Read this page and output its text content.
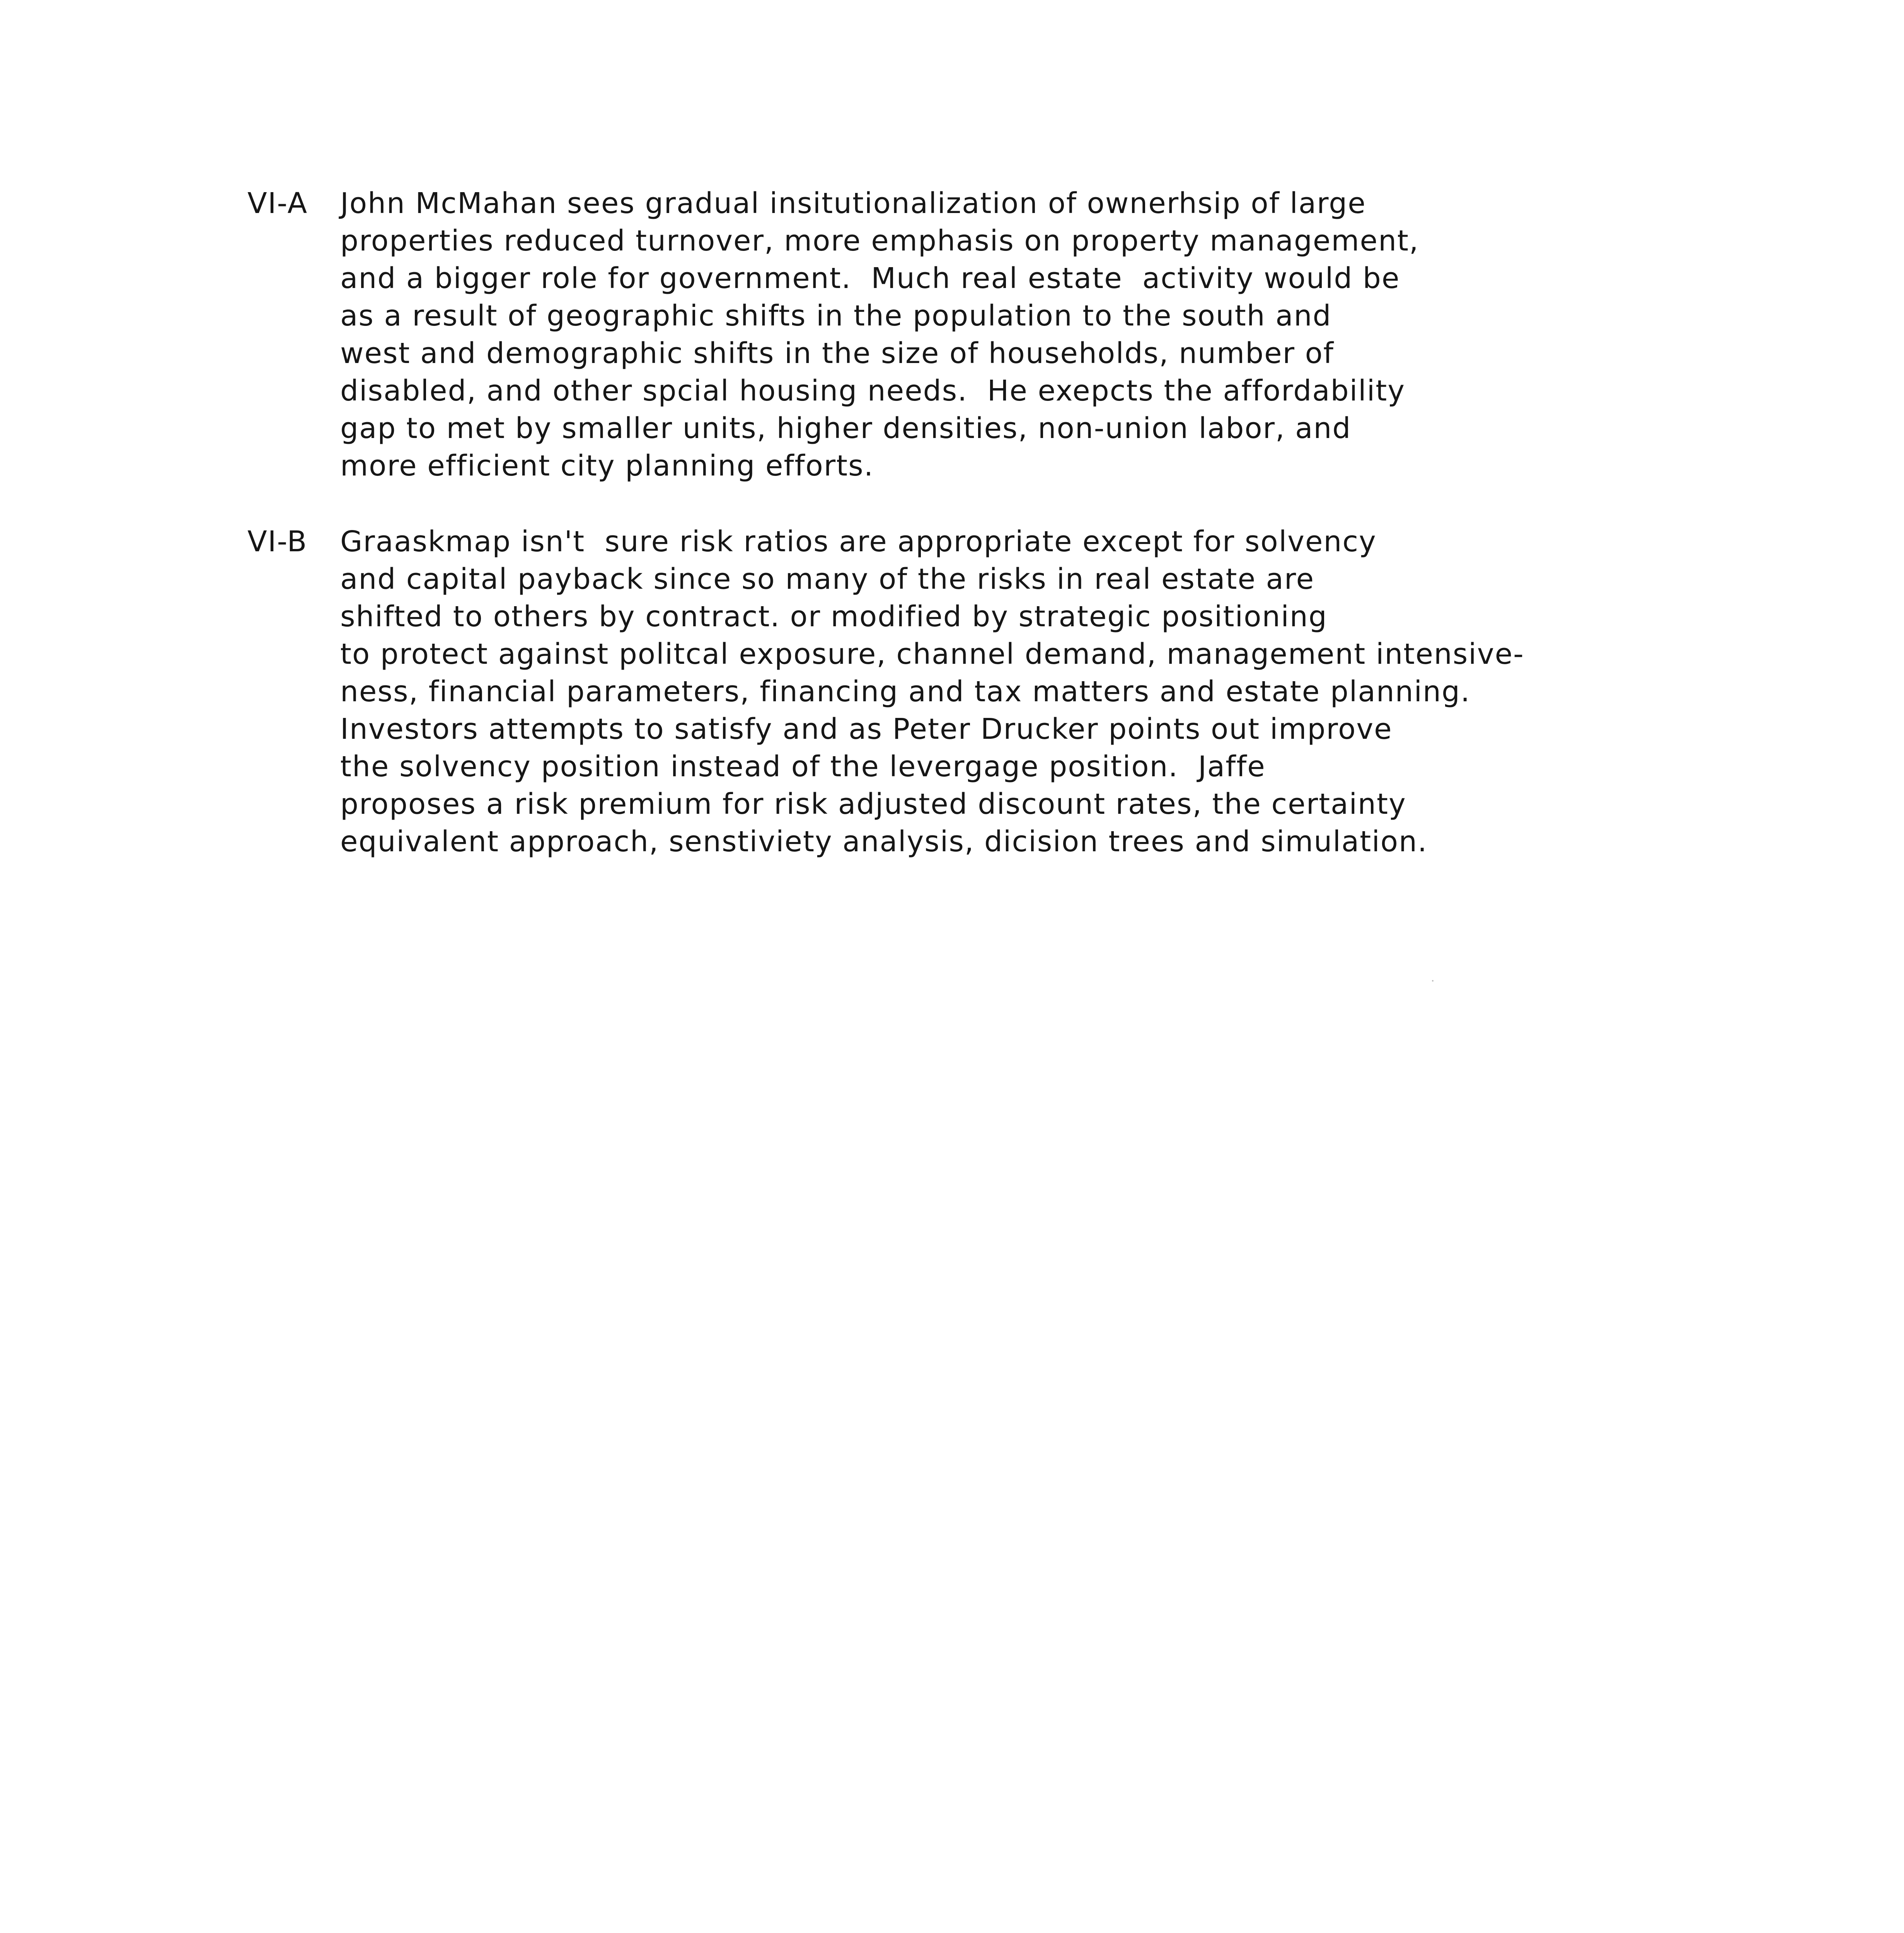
VI-A John McMahan sees gradual insitutionalization of ownerhsip of large
properties reduced turnover, more emphasis on property management,
and a bigger role for government.  Much real estate  activity would be
as a result of geographic shifts in the population to the south and
west and demographic shifts in the size of households, number of
disabled, and other spcial housing needs.  He exepcts the affordability
gap to met by smaller units, higher densities, non-union labor, and
more efficient city planning efforts.
VI-B Graaskmap isn't  sure risk ratios are appropriate except for solvency
and capital payback since so many of the risks in real estate are
shifted to others by contract. or modified by strategic positioning
to protect against politcal exposure, channel demand, management intensive-
ness, financial parameters, financing and tax matters and estate planning.
Investors attempts to satisfy and as Peter Drucker points out improve
the solvency position instead of the levergage position.  Jaffe
proposes a risk premium for risk adjusted discount rates, the certainty
equivalent approach, senstiviety analysis, dicision trees and simulation.
